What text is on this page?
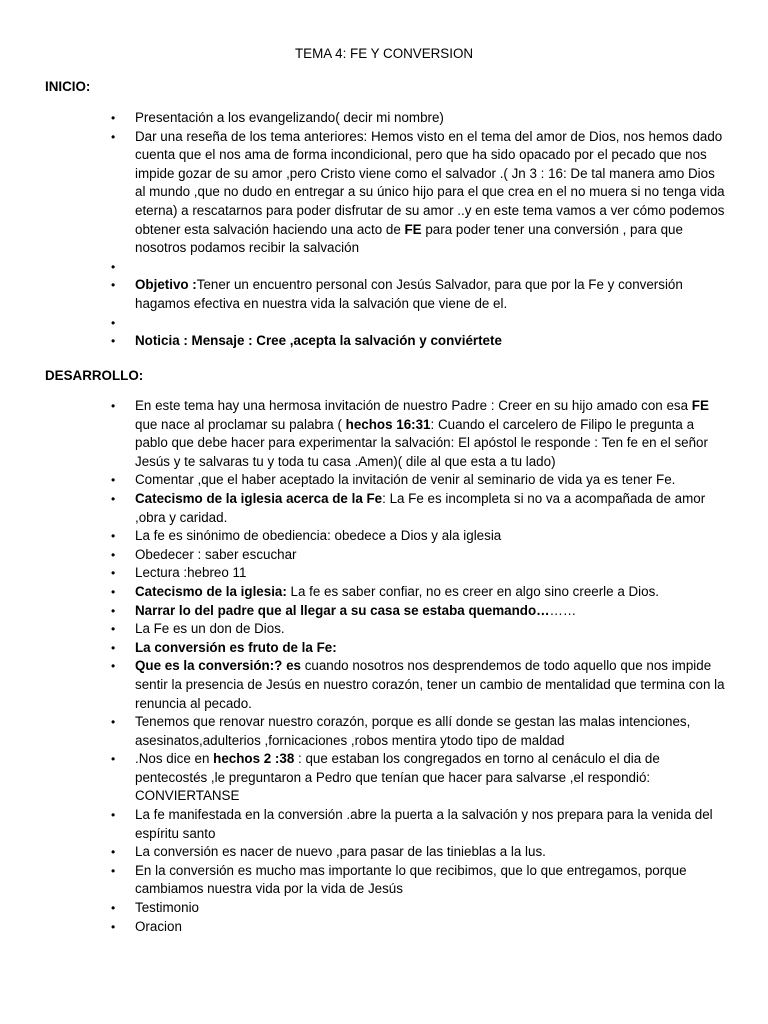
TEMA 4: FE Y CONVERSION
INICIO:
• Presentación a los evangelizando( decir mi nombre)
• Dar una reseña de los tema anteriores: Hemos visto en el tema del amor de Dios, nos hemos dado cuenta que el nos ama de forma incondicional, pero que ha sido opacado por el pecado que nos impide gozar de su amor ,pero Cristo viene como el salvador .( Jn 3 : 16: De tal manera amo Dios al mundo ,que no dudo en entregar a su único hijo para el que crea en el no muera si no tenga vida eterna) a rescatarnos para poder disfrutar de su amor ..y en este tema vamos a ver cómo podemos obtener esta salvación haciendo una acto de FE para poder tener una conversión , para que nosotros podamos recibir la salvación
•
• Objetivo :Tener un encuentro personal con Jesús Salvador, para que por la Fe y conversión hagamos efectiva en nuestra vida la salvación que viene de el.
•
• Noticia : Mensaje : Cree ,acepta la salvación y conviértete
DESARROLLO:
• En este tema hay una hermosa invitación de nuestro Padre : Creer en su hijo amado con esa FE que nace al proclamar su palabra ( hechos 16:31: Cuando el carcelero de Filipo le pregunta a pablo que debe hacer para experimentar la salvación: El apóstol le responde : Ten fe en el señor Jesús y te salvaras tu y toda tu casa .Amen)( dile al que esta a tu lado)
• Comentar ,que el haber aceptado la invitación de venir al seminario de vida ya es tener Fe.
• Catecismo de la iglesia acerca de la Fe: La Fe es incompleta si no va a acompañada de amor ,obra y caridad.
• La fe es sinónimo de obediencia: obedece a Dios y ala iglesia
• Obedecer : saber escuchar
• Lectura :hebreo 11
• Catecismo de la iglesia: La fe es saber confiar, no es creer en algo sino creerle a Dios.
• Narrar lo del padre que al llegar a su casa se estaba quemando………
• La Fe es un don de Dios.
• La conversión es fruto de la Fe:
• Que es la conversión:? es cuando nosotros nos desprendemos de todo aquello que nos impide sentir la presencia de Jesús en nuestro corazón, tener un cambio de mentalidad que termina con la renuncia al pecado.
• Tenemos que renovar nuestro corazón, porque es allí donde se gestan las malas intenciones, asesinatos,adulterios ,fornicaciones ,robos mentira ytodo tipo de maldad
• .Nos dice en hechos 2 :38 : que estaban los congregados en torno al cenáculo el dia de pentecostés ,le preguntaron a Pedro que tenían que hacer para salvarse ,el respondió: CONVIERTANSE
• La fe manifestada en la conversión .abre la puerta a la salvación y nos prepara para la venida del espíritu santo
• La conversión es nacer de nuevo ,para pasar de las tinieblas a la lus.
• En la conversión es mucho mas importante lo que recibimos, que lo que entregamos, porque cambiamos nuestra vida por la vida de Jesús
• Testimonio
• Oracion
